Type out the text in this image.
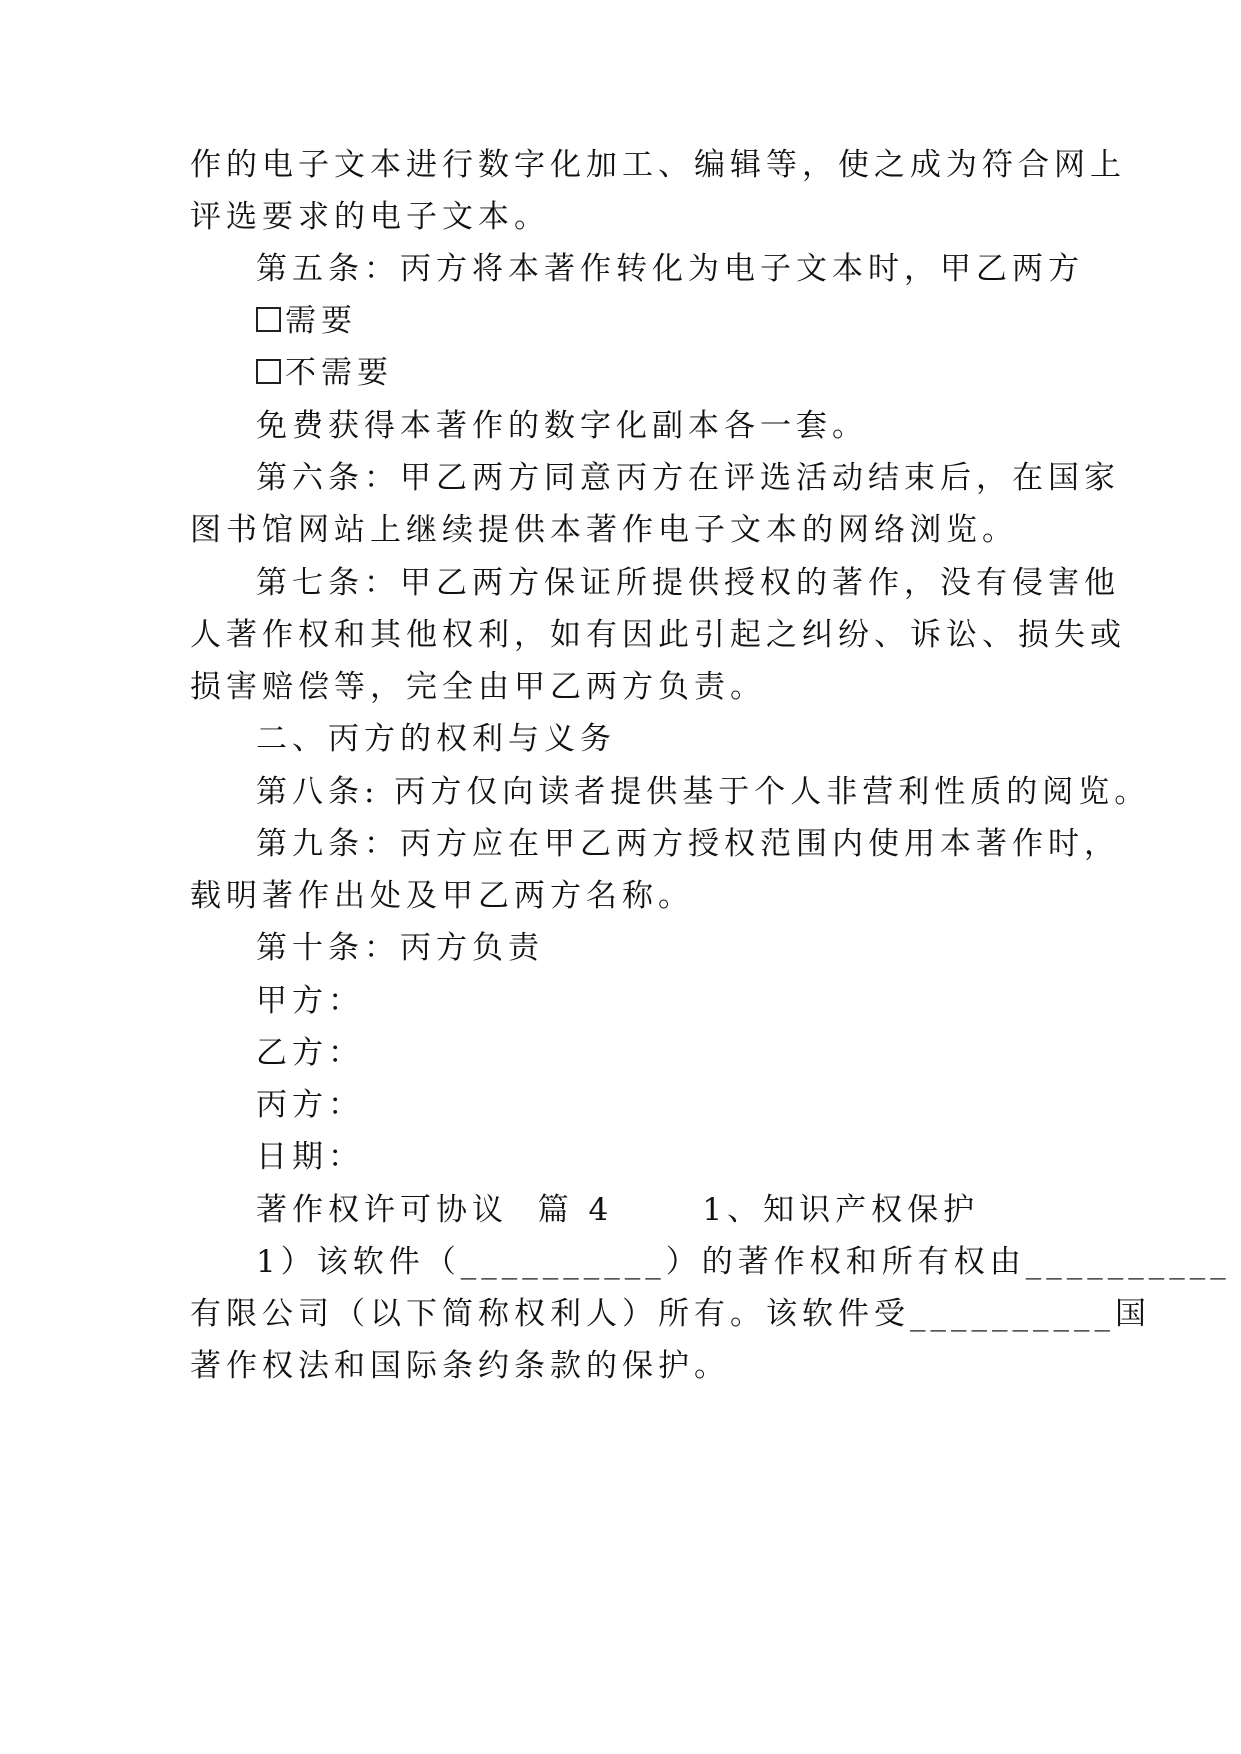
作的电子文本进行数字化加工、编辑等，使之成为符合网上
评选要求的电子文本。
第五条：丙方将本著作转化为电子文本时，甲乙两方
需要
不需要
免费获得本著作的数字化副本各一套。
第六条：甲乙两方同意丙方在评选活动结束后，在国家
图书馆网站上继续提供本著作电子文本的网络浏览。
第七条：甲乙两方保证所提供授权的著作，没有侵害他
人著作权和其他权利，如有因此引起之纠纷、诉讼、损失或
损害赔偿等，完全由甲乙两方负责。
二、丙方的权利与义务
第八条: 丙方仅向读者提供基于个人非营利性质的阅览。
第九条：丙方应在甲乙两方授权范围内使用本著作时，
载明著作出处及甲乙两方名称。
第十条：丙方负责
甲方：
乙方：
丙方：
日期：
著作权许可协议  篇 4      1、知识产权保护
1）该软件（__________）的著作权和所有权由__________
有限公司（以下简称权利人）所有。该软件受__________国
著作权法和国际条约条款的保护。
